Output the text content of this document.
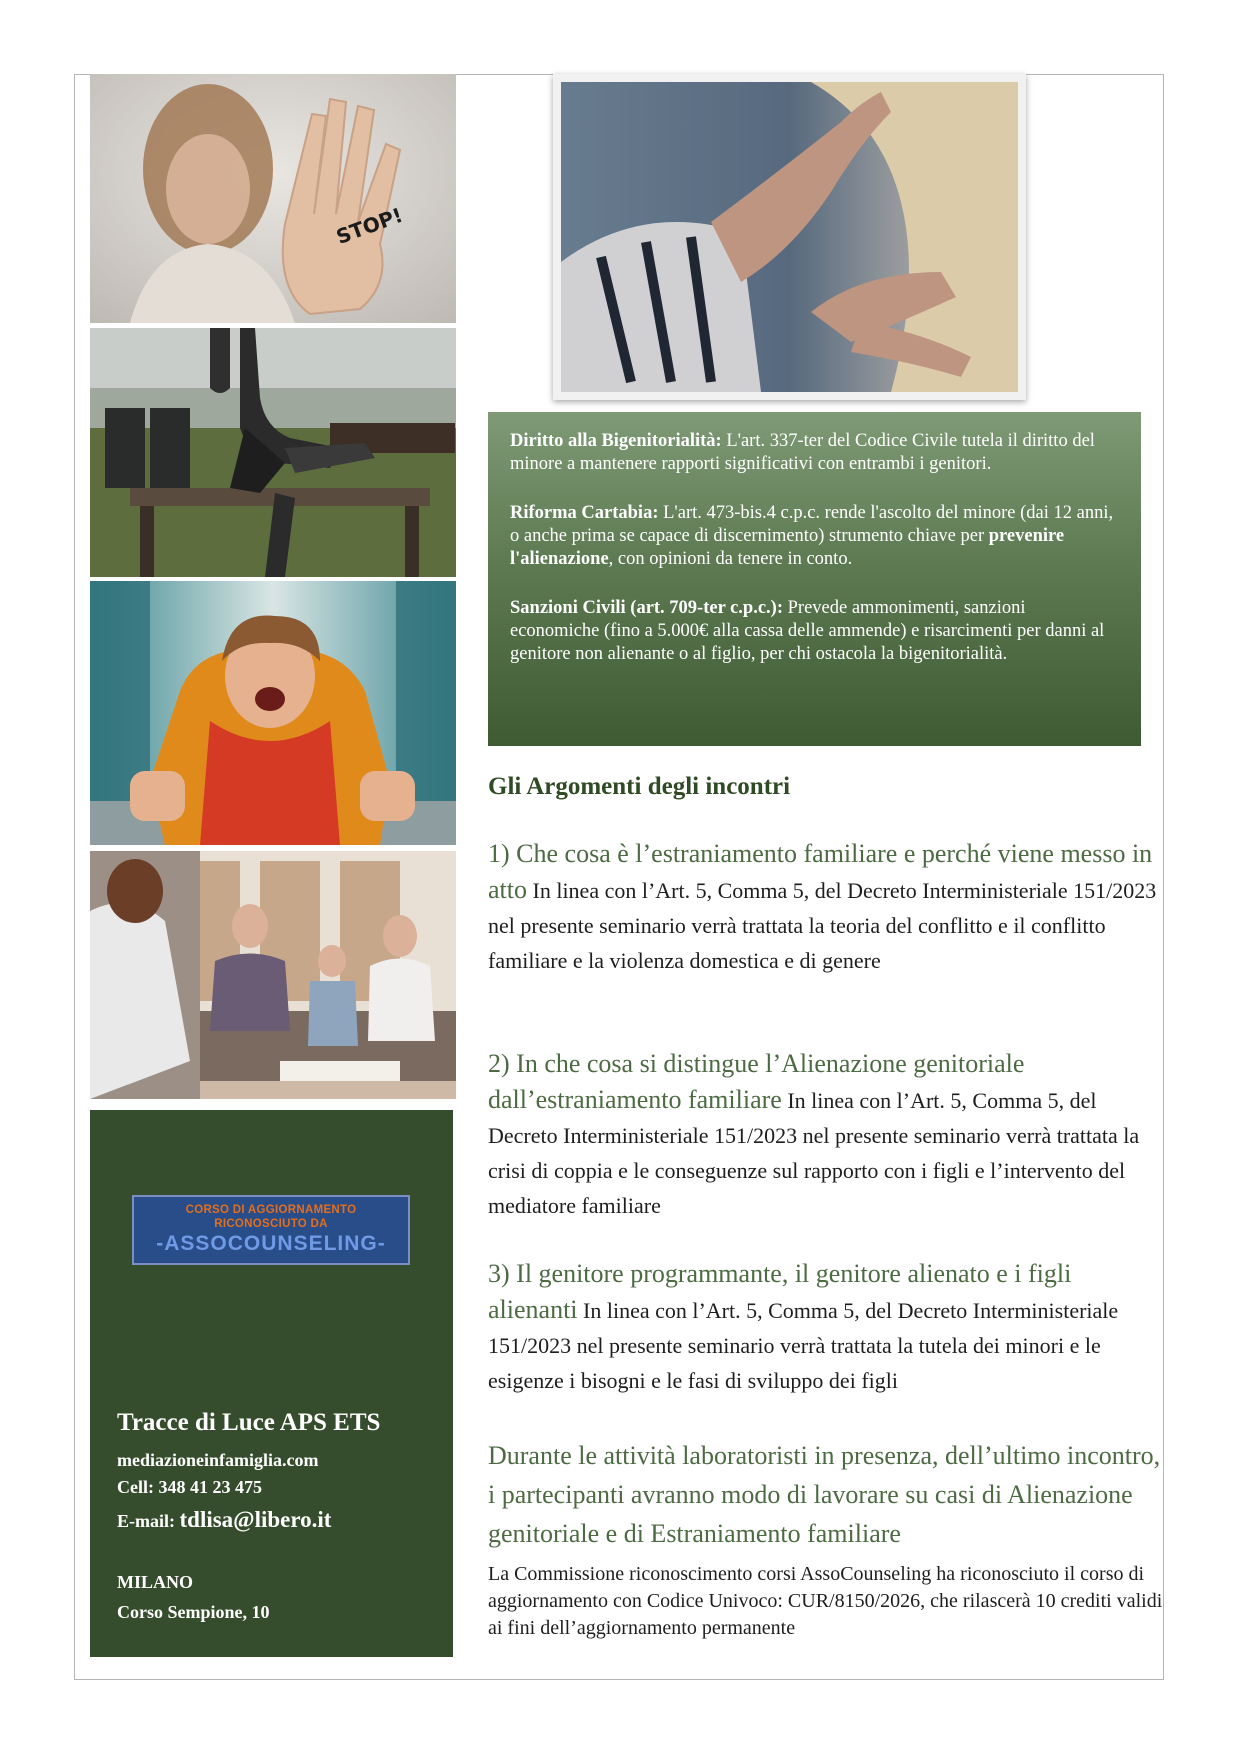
STOP!

Diritto alla Bigenitorialità: L'art. 337-ter del Codice Civile tutela il diritto del minore a mantenere rapporti significativi con entrambi i genitori.

Riforma Cartabia: L'art. 473-bis.4 c.p.c. rende l'ascolto del minore (dai 12 anni, o anche prima se capace di discernimento) strumento chiave per prevenire l'alienazione, con opinioni da tenere in conto.

Sanzioni Civili (art. 709-ter c.p.c.): Prevede ammonimenti, sanzioni economiche (fino a 5.000€ alla cassa delle ammende) e risarcimenti per danni al genitore non alienante o al figlio, per chi ostacola la bigenitorialità.

CORSO DI AGGIORNAMENTO
RICONOSCIUTO DA
-ASSOCOUNSELING-
Tracce di Luce APS ETS
mediazioneinfamiglia.com
Cell: 348 41 23 475
E-mail: tdlisa@libero.it
MILANO
Corso Sempione, 10
Gli Argomenti degli incontri
1) Che cosa è l’estraniamento familiare e perché viene messo in atto In linea con l’Art. 5, Comma 5, del Decreto Interministeriale 151/2023 nel presente seminario verrà trattata la teoria del conflitto e il conflitto familiare e la violenza domestica e di genere
2) In che cosa si distingue l’Alienazione genitoriale dall’estraniamento familiare In linea con l’Art. 5, Comma 5, del Decreto Interministeriale 151/2023 nel presente seminario verrà trattata la crisi di coppia e le conseguenze sul rapporto con i figli e l’intervento del mediatore familiare
3) Il genitore programmante, il genitore alienato e i figli alienanti In linea con l’Art. 5, Comma 5, del Decreto Interministeriale 151/2023 nel presente seminario verrà trattata la tutela dei minori e le esigenze i bisogni e le fasi di sviluppo dei figli
Durante le attività laboratoristi in presenza, dell’ultimo incontro, i partecipanti avranno modo di lavorare su casi di Alienazione genitoriale e di Estraniamento familiare
La Commissione riconoscimento corsi AssoCounseling ha riconosciuto il corso di aggiornamento con Codice Univoco: CUR/8150/2026, che rilascerà 10 crediti validi ai fini dell’aggiornamento permanente
